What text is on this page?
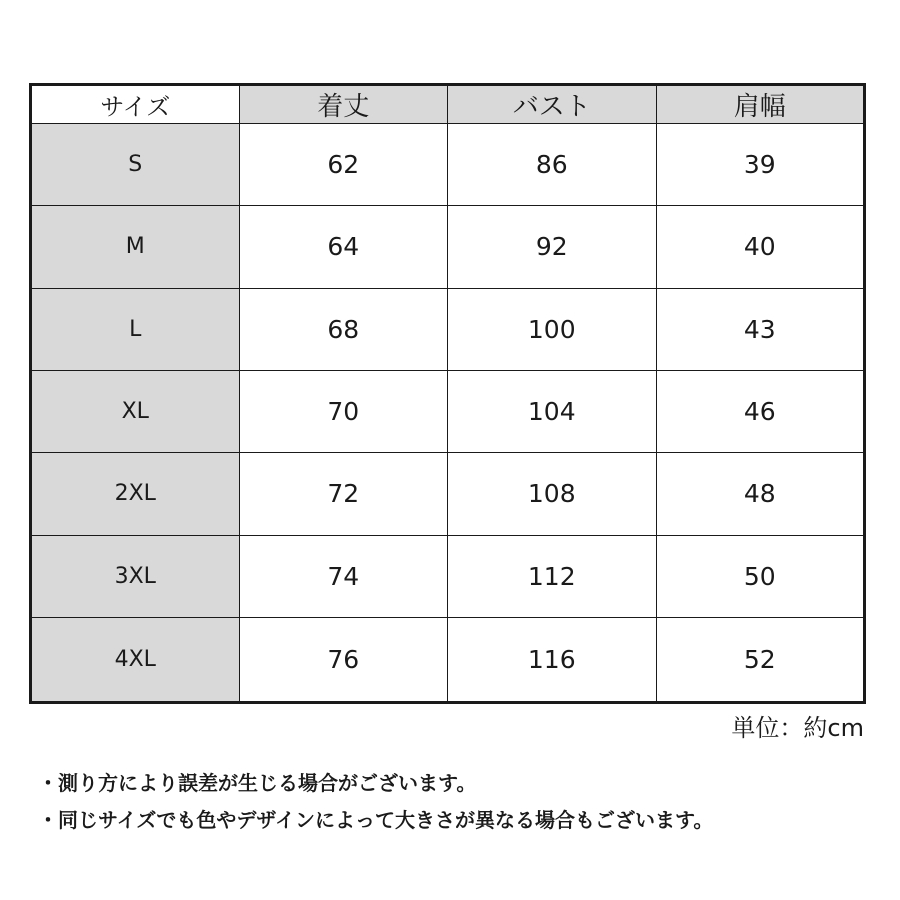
サイズ	着丈	バスト	肩幅
S	62	86	39
M	64	92	40
L	68	100	43
XL	70	104	46
2XL	72	108	48
3XL	74	112	50
4XL	76	116	52
単位：約cm
・測り方により誤差が生じる場合がございます。
・同じサイズでも色やデザインによって大きさが異なる場合もございます。
